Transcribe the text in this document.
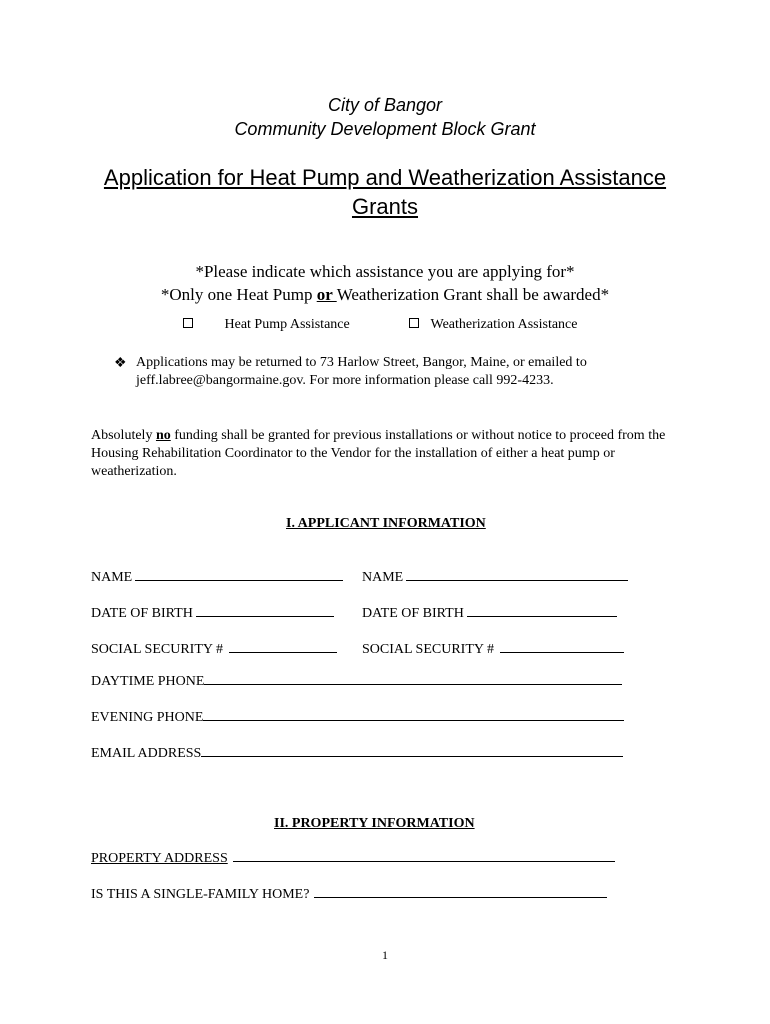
City of Bangor
Community Development Block Grant
Application for Heat Pump and Weatherization Assistance
Grants
*Please indicate which assistance you are applying for*
*Only one Heat Pump or Weatherization Grant shall be awarded*
Heat Pump Assistance	Weatherization Assistance
❖ Applications may be returned to 73 Harlow Street, Bangor, Maine, or emailed to
jeff.labree@bangormaine.gov. For more information please call 992-4233.
Absolutely no funding shall be granted for previous installations or without notice to proceed from the Housing Rehabilitation Coordinator to the Vendor for the installation of either a heat pump or weatherization.
I. APPLICANT INFORMATION
NAME	NAME
DATE OF BIRTH	DATE OF BIRTH
SOCIAL SECURITY #	SOCIAL SECURITY #
DAYTIME PHONE
EVENING PHONE
EMAIL ADDRESS
II. PROPERTY INFORMATION
PROPERTY ADDRESS
IS THIS A SINGLE-FAMILY HOME?
1
